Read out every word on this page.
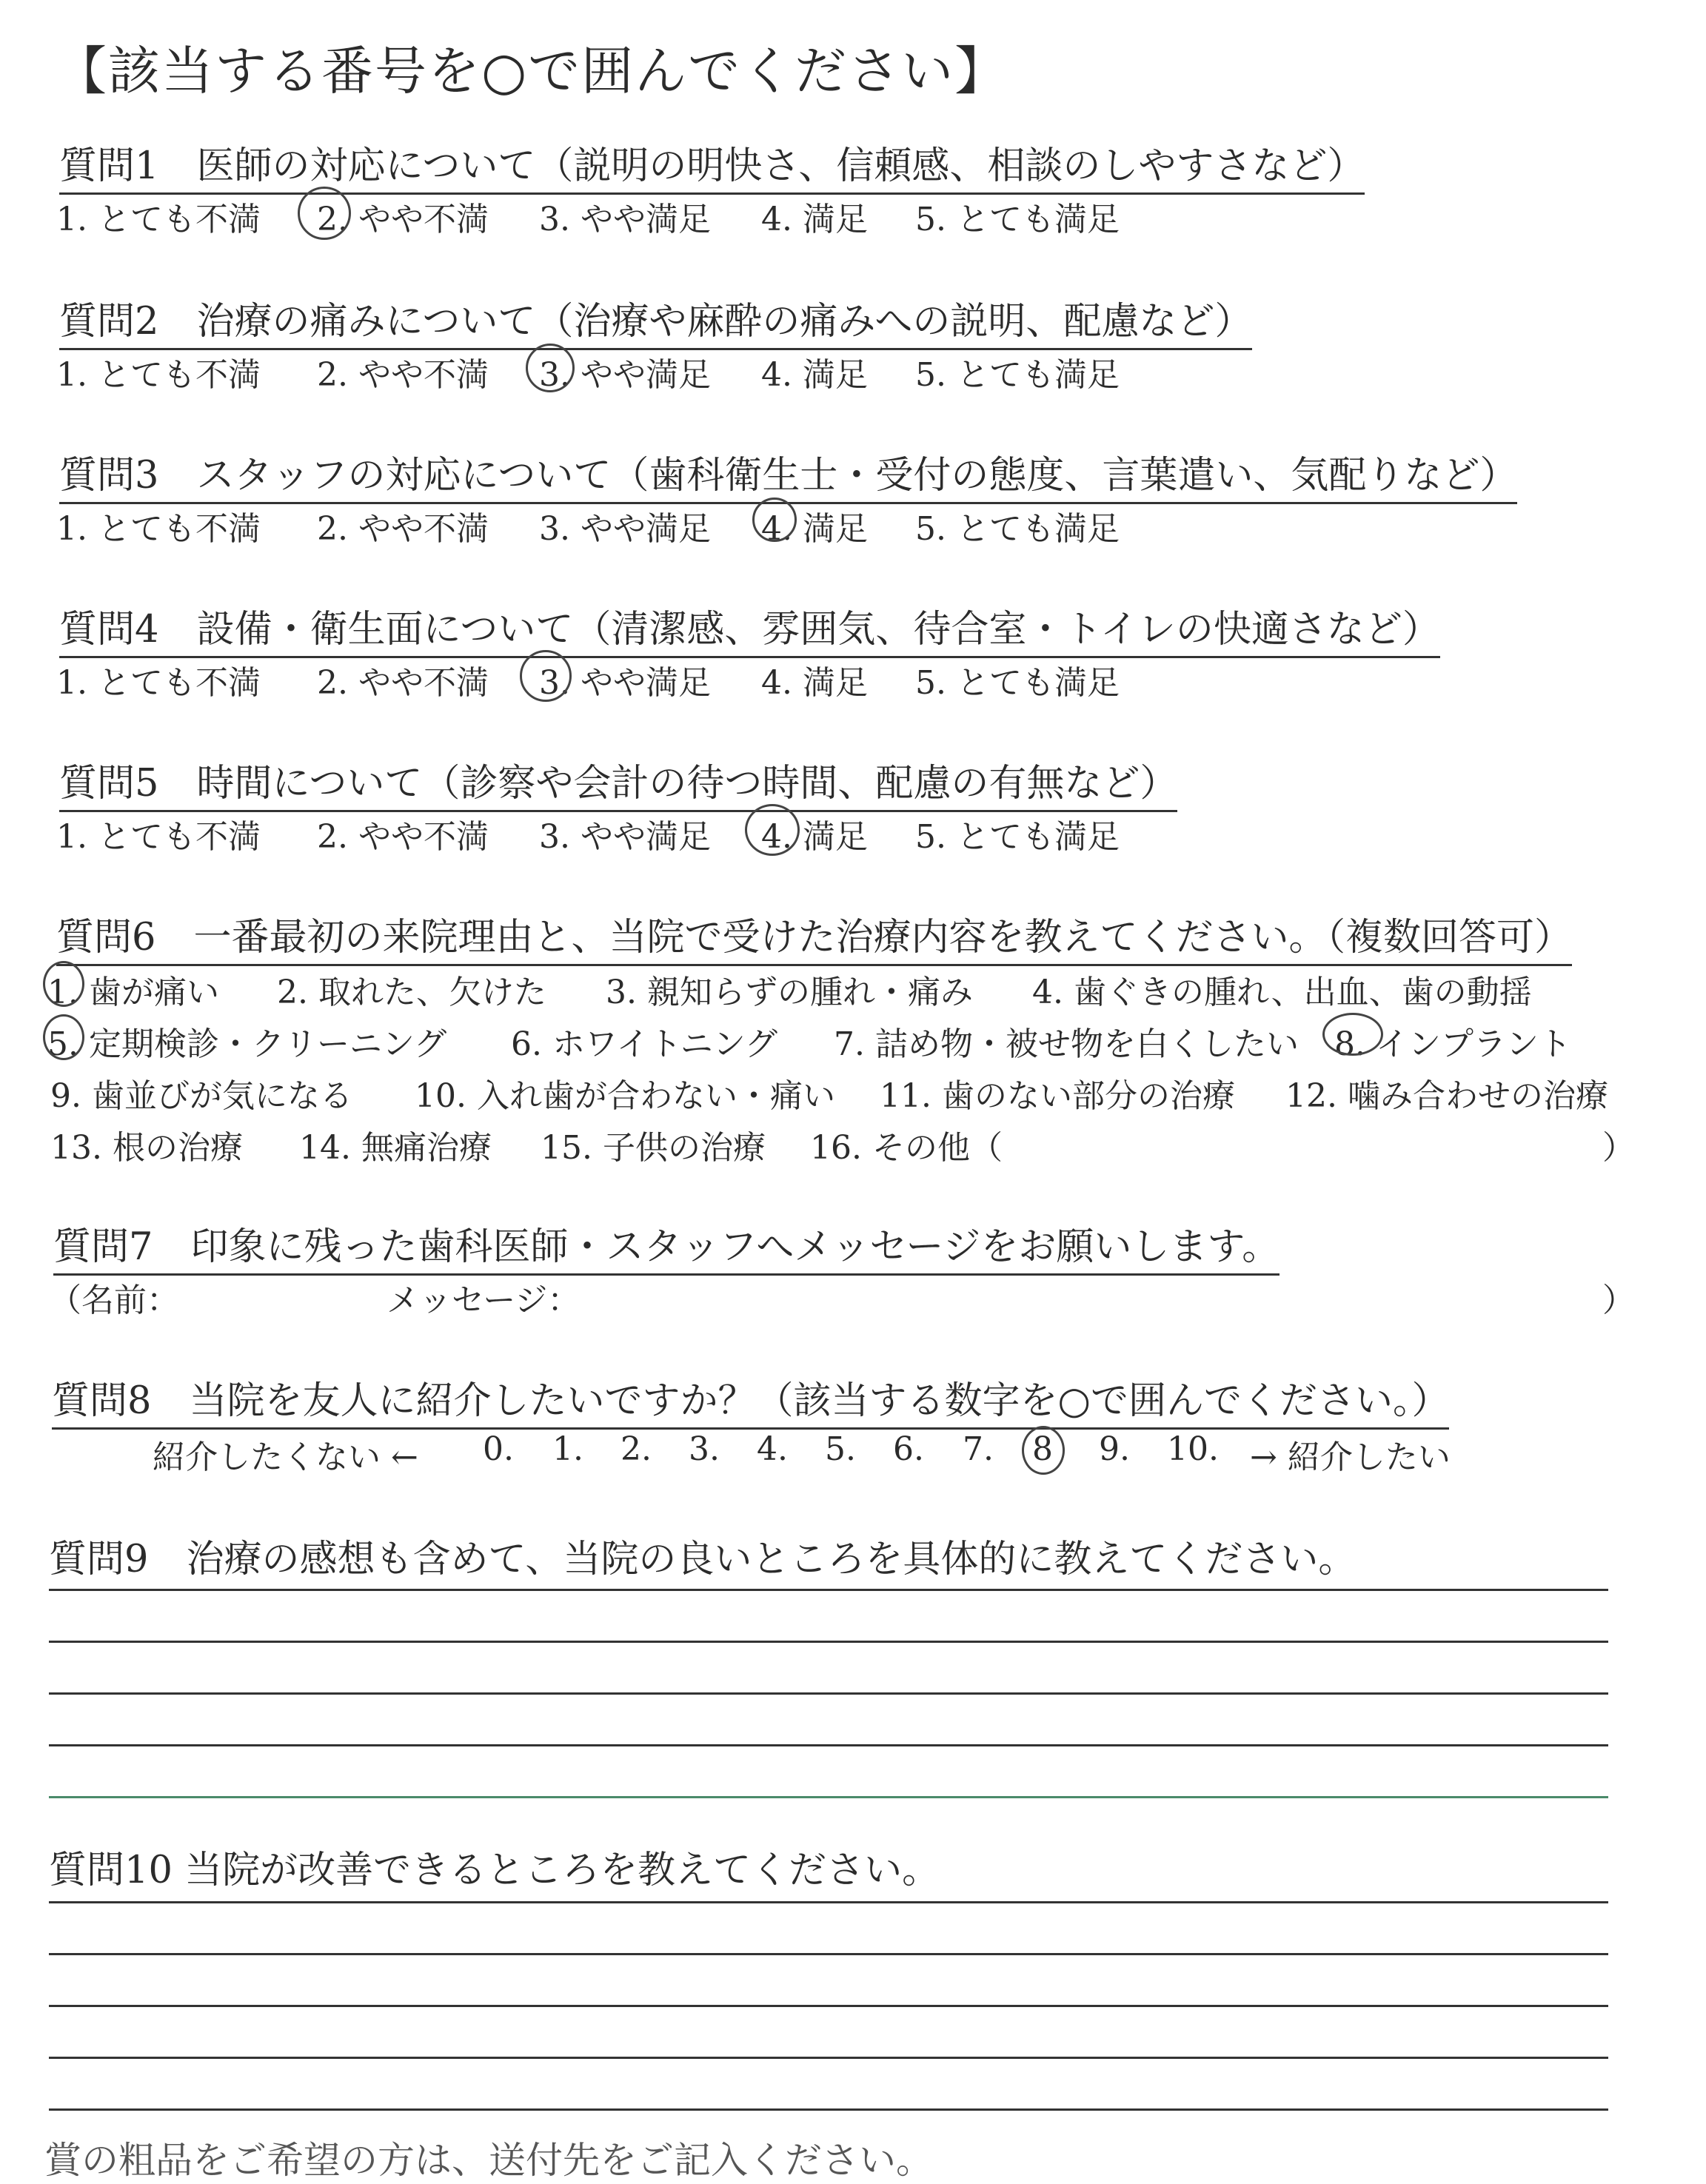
【該当する番号を○で囲んでください】
質問1　医師の対応について（説明の明快さ、信頼感、相談のしやすさなど）
1. とても不満 2. やや不満 3. やや満足 4. 満足 5. とても満足
質問2　治療の痛みについて（治療や麻酔の痛みへの説明、配慮など）
1. とても不満 2. やや不満 3. やや満足 4. 満足 5. とても満足
質問3　スタッフの対応について（歯科衛生士・受付の態度、言葉遣い、気配りなど）
1. とても不満 2. やや不満 3. やや満足 4. 満足 5. とても満足
質問4　設備・衛生面について（清潔感、雰囲気、待合室・トイレの快適さなど）
1. とても不満 2. やや不満 3. やや満足 4. 満足 5. とても満足
質問5　時間について（診察や会計の待つ時間、配慮の有無など）
1. とても不満 2. やや不満 3. やや満足 4. 満足 5. とても満足
質問6　一番最初の来院理由と、当院で受けた治療内容を教えてください。（複数回答可）
1. 歯が痛い 2. 取れた、欠けた 3. 親知らずの腫れ・痛み 4. 歯ぐきの腫れ、出血、歯の動揺
5. 定期検診・クリーニング 6. ホワイトニング 7. 詰め物・被せ物を白くしたい 8. インプラント
9. 歯並びが気になる 10. 入れ歯が合わない・痛い 11. 歯のない部分の治療 12. 噛み合わせの治療
13. 根の治療 14. 無痛治療 15. 子供の治療 16. その他（	）
質問7　印象に残った歯科医師・スタッフへメッセージをお願いします。
（名前：	メッセージ：	）
質問8　当院を友人に紹介したいですか？（該当する数字を○で囲んでください。）
紹介したくない ← 0. 1. 2. 3. 4. 5. 6. 7. 8 9. 10. → 紹介したい
質問9　治療の感想も含めて、当院の良いところを具体的に教えてください。
質問10 当院が改善できるところを教えてください。
賞の粗品をご希望の方は、送付先をご記入ください。
